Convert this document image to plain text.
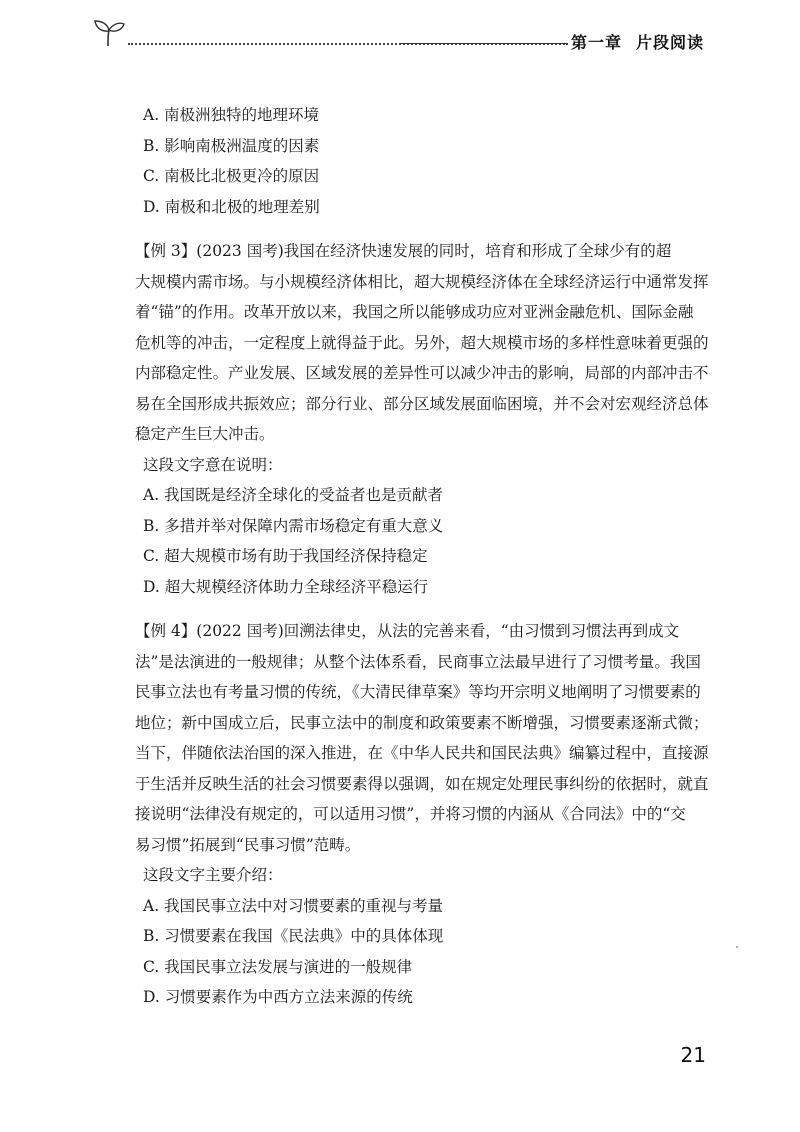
第一章 片段阅读
A. 南极洲独特的地理环境
B. 影响南极洲温度的因素
C. 南极比北极更冷的原因
D. 南极和北极的地理差别
【例 3】(2023 国考)我国在经济快速发展的同时，培育和形成了全球少有的超
大规模内需市场。与小规模经济体相比，超大规模经济体在全球经济运行中通常发挥
着“锚”的作用。改革开放以来，我国之所以能够成功应对亚洲金融危机、国际金融
危机等的冲击，一定程度上就得益于此。另外，超大规模市场的多样性意味着更强的
内部稳定性。产业发展、区域发展的差异性可以减少冲击的影响，局部的内部冲击不
易在全国形成共振效应；部分行业、部分区域发展面临困境，并不会对宏观经济总体
稳定产生巨大冲击。
这段文字意在说明：
A. 我国既是经济全球化的受益者也是贡献者
B. 多措并举对保障内需市场稳定有重大意义
C. 超大规模市场有助于我国经济保持稳定
D. 超大规模经济体助力全球经济平稳运行
【例 4】(2022 国考)回溯法律史，从法的完善来看，“由习惯到习惯法再到成文
法”是法演进的一般规律；从整个法体系看，民商事立法最早进行了习惯考量。我国
民事立法也有考量习惯的传统，《大清民律草案》等均开宗明义地阐明了习惯要素的
地位；新中国成立后，民事立法中的制度和政策要素不断增强，习惯要素逐渐式微；
当下，伴随依法治国的深入推进，在《中华人民共和国民法典》编纂过程中，直接源
于生活并反映生活的社会习惯要素得以强调，如在规定处理民事纠纷的依据时，就直
接说明“法律没有规定的，可以适用习惯”，并将习惯的内涵从《合同法》中的“交
易习惯”拓展到“民事习惯”范畴。
这段文字主要介绍：
A. 我国民事立法中对习惯要素的重视与考量
B. 习惯要素在我国《民法典》中的具体体现
C. 我国民事立法发展与演进的一般规律
D. 习惯要素作为中西方立法来源的传统
21
